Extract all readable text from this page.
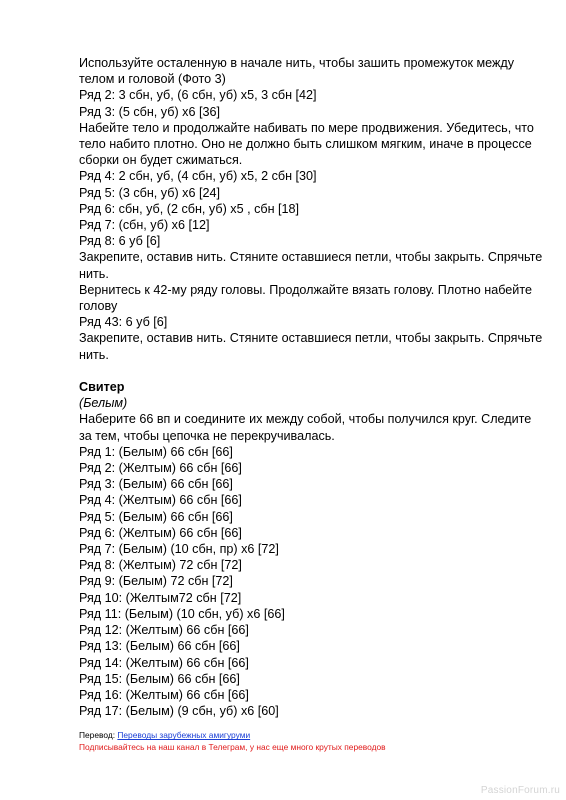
Используйте осталенную в начале нить, чтобы зашить промежуток между
телом и головой (Фото 3)
Ряд 2: 3 сбн, уб, (6 сбн, уб) х5, 3 сбн [42]
Ряд 3: (5 сбн, уб) х6 [36]
Набейте тело и продолжайте набивать по мере продвижения. Убедитесь, что
тело набито плотно. Оно не должно быть слишком мягким, иначе в процессе
сборки он будет сжиматься.
Ряд 4: 2 сбн, уб, (4 сбн, уб) х5, 2 сбн [30]
Ряд 5: (3 сбн, уб) х6 [24]
Ряд 6: сбн, уб, (2 сбн, уб) х5 , сбн [18]
Ряд 7: (сбн, уб) х6 [12]
Ряд 8: 6 уб [6]
Закрепите, оставив нить. Стяните оставшиеся петли, чтобы закрыть. Спрячьте
нить.
Вернитесь к 42-му ряду головы. Продолжайте вязать голову. Плотно набейте
голову
Ряд 43: 6 уб [6]
Закрепите, оставив нить. Стяните оставшиеся петли, чтобы закрыть. Спрячьте
нить.
Свитер
(Белым)
Наберите 66 вп и соедините их между собой, чтобы получился круг. Следите
за тем, чтобы цепочка не перекручивалась.
Ряд 1: (Белым) 66 сбн [66]
Ряд 2: (Желтым) 66 сбн [66]
Ряд 3: (Белым) 66 сбн [66]
Ряд 4: (Желтым) 66 сбн [66]
Ряд 5: (Белым) 66 сбн [66]
Ряд 6: (Желтым) 66 сбн [66]
Ряд 7: (Белым) (10 сбн, пр) х6 [72]
Ряд 8: (Желтым) 72 сбн [72]
Ряд 9: (Белым) 72 сбн [72]
Ряд 10: (Желтым72 сбн [72]
Ряд 11: (Белым) (10 сбн, уб) х6 [66]
Ряд 12: (Желтым) 66 сбн [66]
Ряд 13: (Белым) 66 сбн [66]
Ряд 14: (Желтым) 66 сбн [66]
Ряд 15: (Белым) 66 сбн [66]
Ряд 16: (Желтым) 66 сбн [66]
Ряд 17: (Белым) (9 сбн, уб) х6 [60]
Перевод: Переводы зарубежных амигуруми
Подписывайтесь на наш канал в Телеграм, у нас еще много крутых переводов
PassionForum.ru
